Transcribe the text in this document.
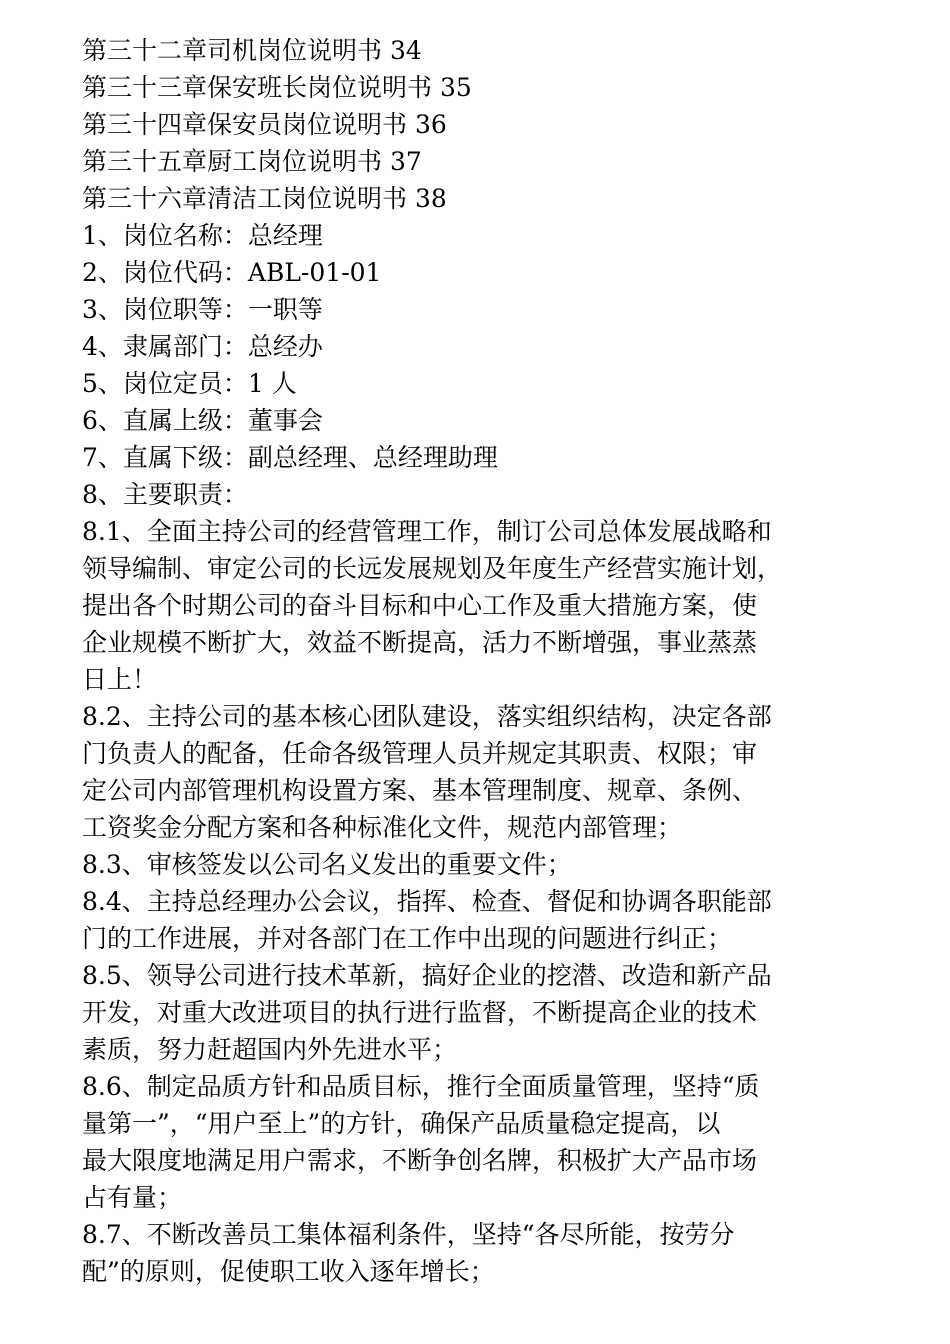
第三十二章司机岗位说明书 34
第三十三章保安班长岗位说明书 35
第三十四章保安员岗位说明书 36
第三十五章厨工岗位说明书 37
第三十六章清洁工岗位说明书 38
1、岗位名称：总经理
2、岗位代码：ABL-01-01
3、岗位职等：一职等
4、隶属部门：总经办
5、岗位定员：1 人
6、直属上级：董事会
7、直属下级：副总经理、总经理助理
8、主要职责：
8.1、全面主持公司的经营管理工作，制订公司总体发展战略和
领导编制、审定公司的长远发展规划及年度生产经营实施计划，
提出各个时期公司的奋斗目标和中心工作及重大措施方案，使
企业规模不断扩大，效益不断提高，活力不断增强，事业蒸蒸
日上！
8.2、主持公司的基本核心团队建设，落实组织结构，决定各部
门负责人的配备，任命各级管理人员并规定其职责、权限；审
定公司内部管理机构设置方案、基本管理制度、规章、条例、
工资奖金分配方案和各种标准化文件，规范内部管理；
8.3、审核签发以公司名义发出的重要文件；
8.4、主持总经理办公会议，指挥、检查、督促和协调各职能部
门的工作进展，并对各部门在工作中出现的问题进行纠正；
8.5、领导公司进行技术革新，搞好企业的挖潜、改造和新产品
开发，对重大改进项目的执行进行监督，不断提高企业的技术
素质，努力赶超国内外先进水平；
8.6、制定品质方针和品质目标，推行全面质量管理，坚持“质
量第一”，“用户至上”的方针，确保产品质量稳定提高，以
最大限度地满足用户需求，不断争创名牌，积极扩大产品市场
占有量；
8.7、不断改善员工集体福利条件，坚持“各尽所能，按劳分
配”的原则，促使职工收入逐年增长；
